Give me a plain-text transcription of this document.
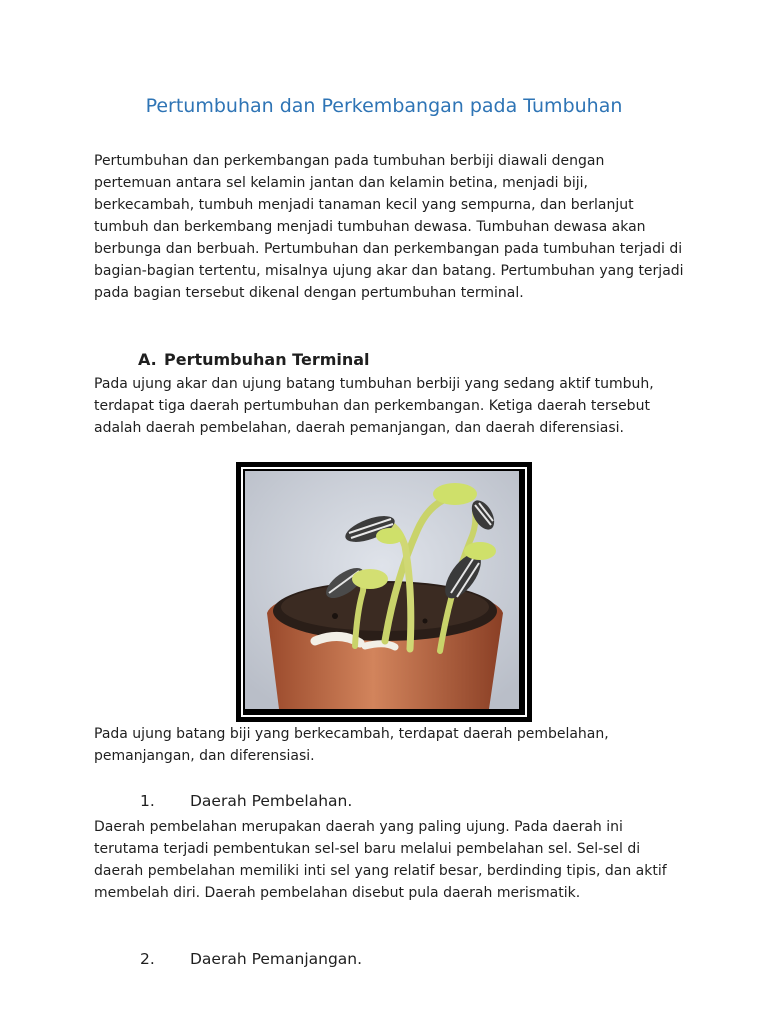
Pertumbuhan dan Perkembangan pada Tumbuhan

Pertumbuhan dan perkembangan pada tumbuhan berbiji diawali dengan pertemuan antara sel kelamin jantan dan kelamin betina, menjadi biji, berkecambah, tumbuh menjadi tanaman kecil yang sempurna, dan berlanjut tumbuh dan berkembang menjadi tumbuhan dewasa. Tumbuhan dewasa akan berbunga dan berbuah. Pertumbuhan dan perkembangan pada tumbuhan terjadi di bagian-bagian tertentu, misalnya ujung akar dan batang. Pertumbuhan yang terjadi pada bagian tersebut dikenal dengan pertumbuhan terminal.

A. Pertumbuhan Terminal

Pada ujung akar dan ujung batang tumbuhan berbiji yang sedang aktif tumbuh, terdapat tiga daerah pertumbuhan dan perkembangan. Ketiga daerah tersebut adalah daerah pembelahan, daerah pemanjangan, dan daerah diferensiasi.

Pada ujung batang biji yang berkecambah, terdapat daerah pembelahan, pemanjangan, dan diferensiasi.

1. Daerah Pembelahan.

Daerah pembelahan merupakan daerah yang paling ujung. Pada daerah ini terutama terjadi pembentukan sel-sel baru melalui pembelahan sel. Sel-sel di daerah pembelahan memiliki inti sel yang relatif besar, berdinding tipis, dan aktif membelah diri. Daerah pembelahan disebut pula daerah merismatik.

2. Daerah Pemanjangan.
